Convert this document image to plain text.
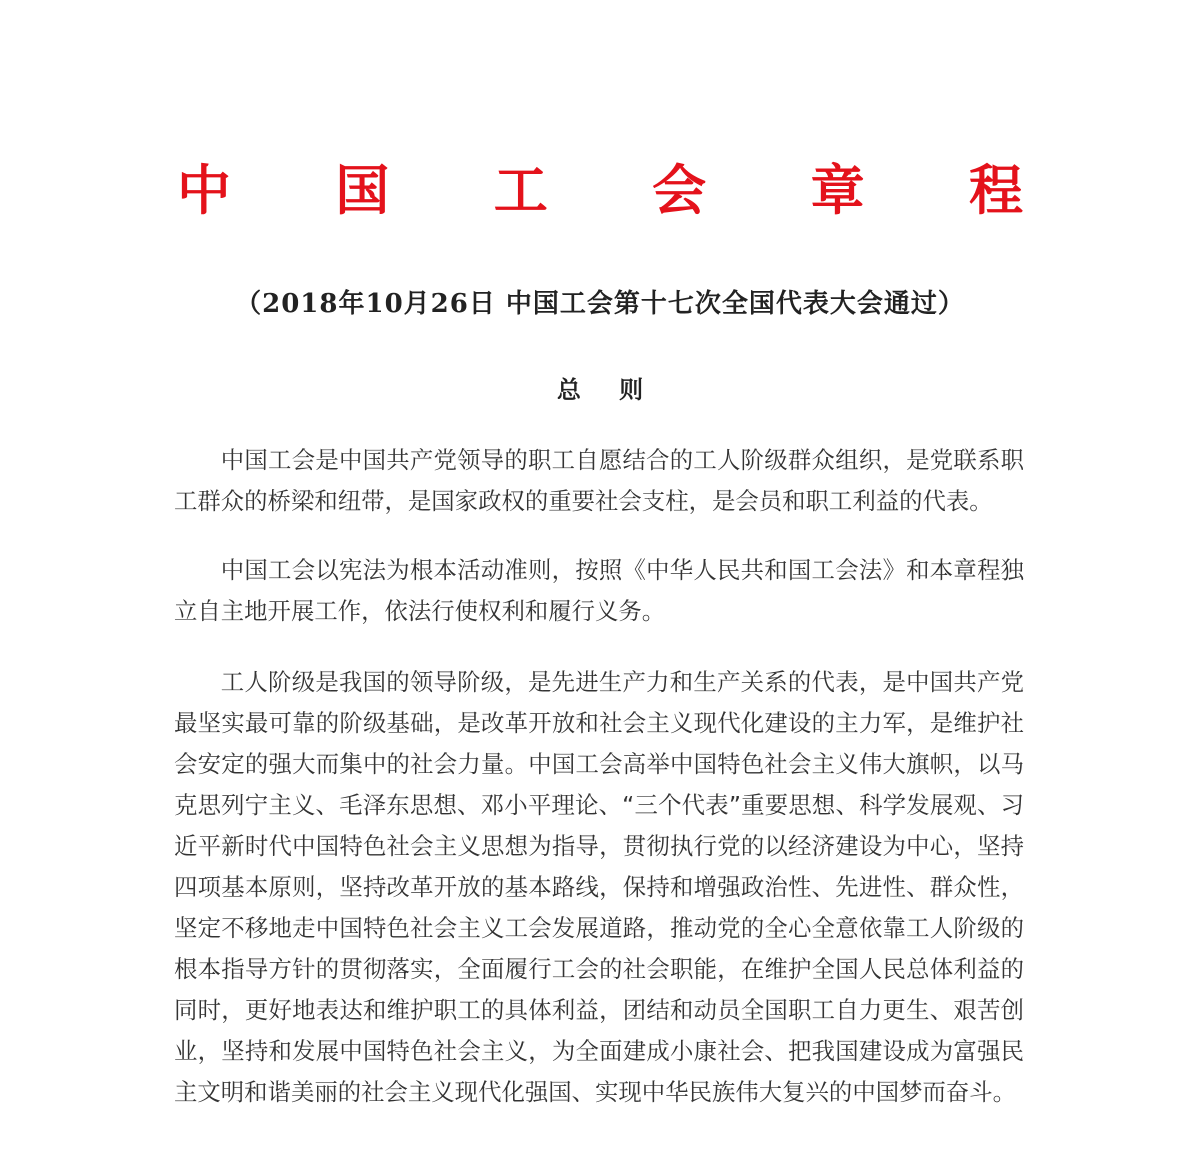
中 国 工 会 章 程
（2018年10月26日 中国工会第十七次全国代表大会通过）
总 则

中国工会是中国共产党领导的职工自愿结合的工人阶级群众组织，是党联系职工群众的桥梁和纽带，是国家政权的重要社会支柱，是会员和职工利益的代表。

中国工会以宪法为根本活动准则，按照《中华人民共和国工会法》和本章程独立自主地开展工作，依法行使权利和履行义务。

工人阶级是我国的领导阶级，是先进生产力和生产关系的代表，是中国共产党最坚实最可靠的阶级基础，是改革开放和社会主义现代化建设的主力军，是维护社会安定的强大而集中的社会力量。中国工会高举中国特色社会主义伟大旗帜，以马克思列宁主义、毛泽东思想、邓小平理论、“三个代表”重要思想、科学发展观、习近平新时代中国特色社会主义思想为指导，贯彻执行党的以经济建设为中心，坚持四项基本原则，坚持改革开放的基本路线，保持和增强政治性、先进性、群众性，坚定不移地走中国特色社会主义工会发展道路，推动党的全心全意依靠工人阶级的根本指导方针的贯彻落实，全面履行工会的社会职能，在维护全国人民总体利益的同时，更好地表达和维护职工的具体利益，团结和动员全国职工自力更生、艰苦创业，坚持和发展中国特色社会主义，为全面建成小康社会、把我国建设成为富强民主文明和谐美丽的社会主义现代化强国、实现中华民族伟大复兴的中国梦而奋斗。
